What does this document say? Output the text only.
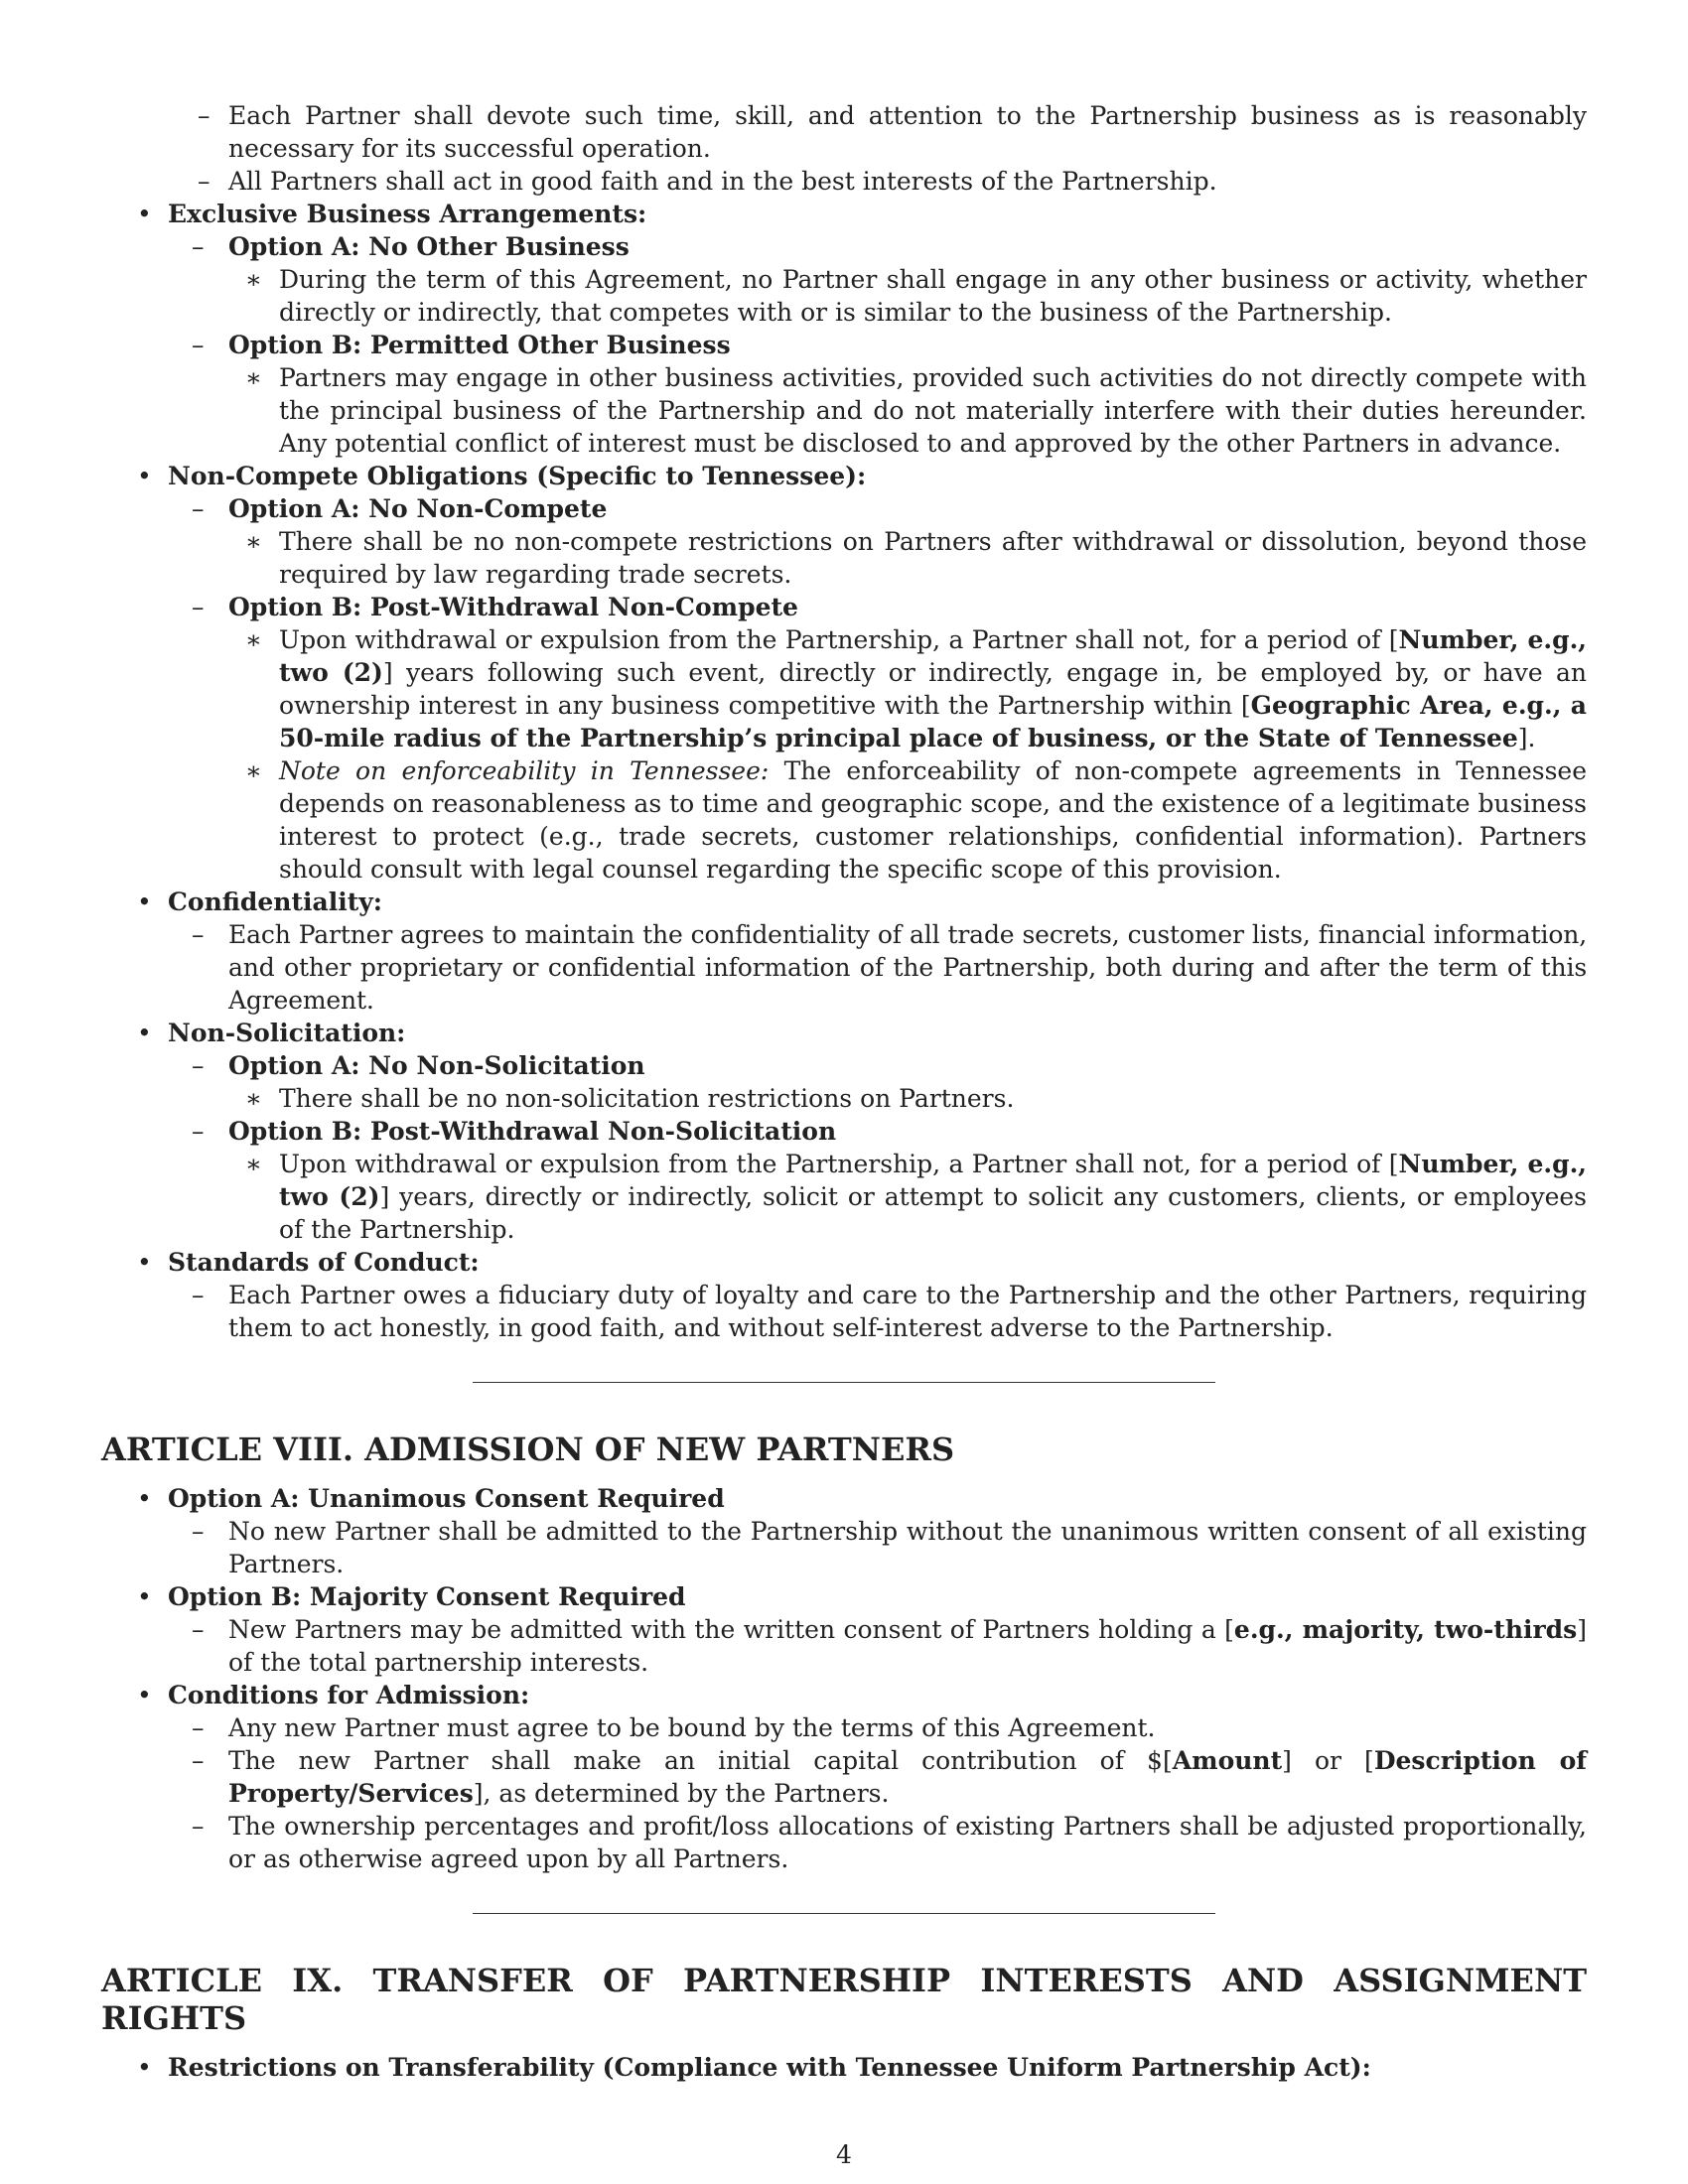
– Each Partner shall devote such time, skill, and attention to the Partnership business as is reasonably necessary for its successful operation.
– All Partners shall act in good faith and in the best interests of the Partnership.
• Exclusive Business Arrangements:
– Option A: No Other Business
∗ During the term of this Agreement, no Partner shall engage in any other business or activity, whether directly or indirectly, that competes with or is similar to the business of the Partnership.
– Option B: Permitted Other Business
∗ Partners may engage in other business activities, provided such activities do not directly compete with the principal business of the Partnership and do not materially interfere with their duties hereunder. Any potential conflict of interest must be disclosed to and approved by the other Partners in advance.
• Non-Compete Obligations (Specific to Tennessee):
– Option A: No Non-Compete
∗ There shall be no non-compete restrictions on Partners after withdrawal or dissolution, beyond those required by law regarding trade secrets.
– Option B: Post-Withdrawal Non-Compete
∗ Upon withdrawal or expulsion from the Partnership, a Partner shall not, for a period of [Number, e.g., two (2)] years following such event, directly or indirectly, engage in, be employed by, or have an ownership interest in any business competitive with the Partnership within [Geographic Area, e.g., a 50-mile radius of the Partnership’s principal place of business, or the State of Tennessee].
∗ Note on enforceability in Tennessee: The enforceability of non-compete agreements in Tennessee depends on reasonableness as to time and geographic scope, and the existence of a legitimate business interest to protect (e.g., trade secrets, customer relationships, confidential information). Partners should consult with legal counsel regarding the specific scope of this provision.
• Confidentiality:
– Each Partner agrees to maintain the confidentiality of all trade secrets, customer lists, financial information, and other proprietary or confidential information of the Partnership, both during and after the term of this Agreement.
• Non-Solicitation:
– Option A: No Non-Solicitation
∗ There shall be no non-solicitation restrictions on Partners.
– Option B: Post-Withdrawal Non-Solicitation
∗ Upon withdrawal or expulsion from the Partnership, a Partner shall not, for a period of [Number, e.g., two (2)] years, directly or indirectly, solicit or attempt to solicit any customers, clients, or employees of the Partnership.
• Standards of Conduct:
– Each Partner owes a fiduciary duty of loyalty and care to the Partnership and the other Partners, requiring them to act honestly, in good faith, and without self-interest adverse to the Partnership.
ARTICLE VIII. ADMISSION OF NEW PARTNERS
• Option A: Unanimous Consent Required
– No new Partner shall be admitted to the Partnership without the unanimous written consent of all existing Partners.
• Option B: Majority Consent Required
– New Partners may be admitted with the written consent of Partners holding a [e.g., majority, two-thirds] of the total partnership interests.
• Conditions for Admission:
– Any new Partner must agree to be bound by the terms of this Agreement.
– The new Partner shall make an initial capital contribution of $[Amount] or [Description of Property/Services], as determined by the Partners.
– The ownership percentages and profit/loss allocations of existing Partners shall be adjusted proportionally, or as otherwise agreed upon by all Partners.
ARTICLE IX. TRANSFER OF PARTNERSHIP INTERESTS AND ASSIGNMENT RIGHTS
• Restrictions on Transferability (Compliance with Tennessee Uniform Partnership Act):
4
